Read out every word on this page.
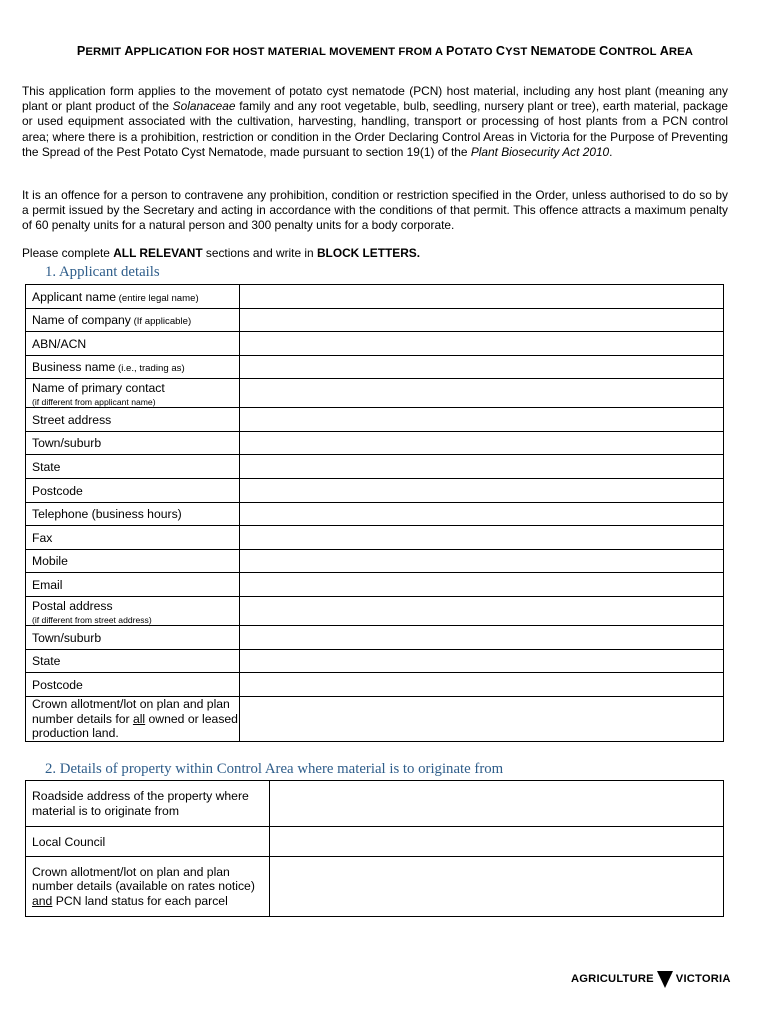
PERMIT APPLICATION FOR HOST MATERIAL MOVEMENT FROM A POTATO CYST NEMATODE CONTROL AREA
This application form applies to the movement of potato cyst nematode (PCN) host material, including any host plant (meaning any plant or plant product of the Solanaceae family and any root vegetable, bulb, seedling, nursery plant or tree), earth material, package or used equipment associated with the cultivation, harvesting, handling, transport or processing of host plants from a PCN control area; where there is a prohibition, restriction or condition in the Order Declaring Control Areas in Victoria for the Purpose of Preventing the Spread of the Pest Potato Cyst Nematode, made pursuant to section 19(1) of the Plant Biosecurity Act 2010.
It is an offence for a person to contravene any prohibition, condition or restriction specified in the Order, unless authorised to do so by a permit issued by the Secretary and acting in accordance with the conditions of that permit. This offence attracts a maximum penalty of 60 penalty units for a natural person and 300 penalty units for a body corporate.
Please complete ALL RELEVANT sections and write in BLOCK LETTERS.
1. Applicant details
Applicant name (entire legal name)	
Name of company (If applicable)	
ABN/ACN	
Business name (i.e., trading as)	
Name of primary contact
(if different from applicant name)	

Street address	
Town/suburb	
State	
Postcode	
Telephone (business hours)	
Fax	
Mobile	
Email	
Postal address
(if different from street address)	

Town/suburb	
State	
Postcode	

Crown allotment/lot on plan and plan number details for all owned or leased production land.	

2. Details of property within Control Area where material is to originate from
Roadside address of the property where material is to originate from	

Local Council	

Crown allotment/lot on plan and plan number details (available on rates notice) and PCN land status for each parcel	

AGRICULTURE VICTORIA
